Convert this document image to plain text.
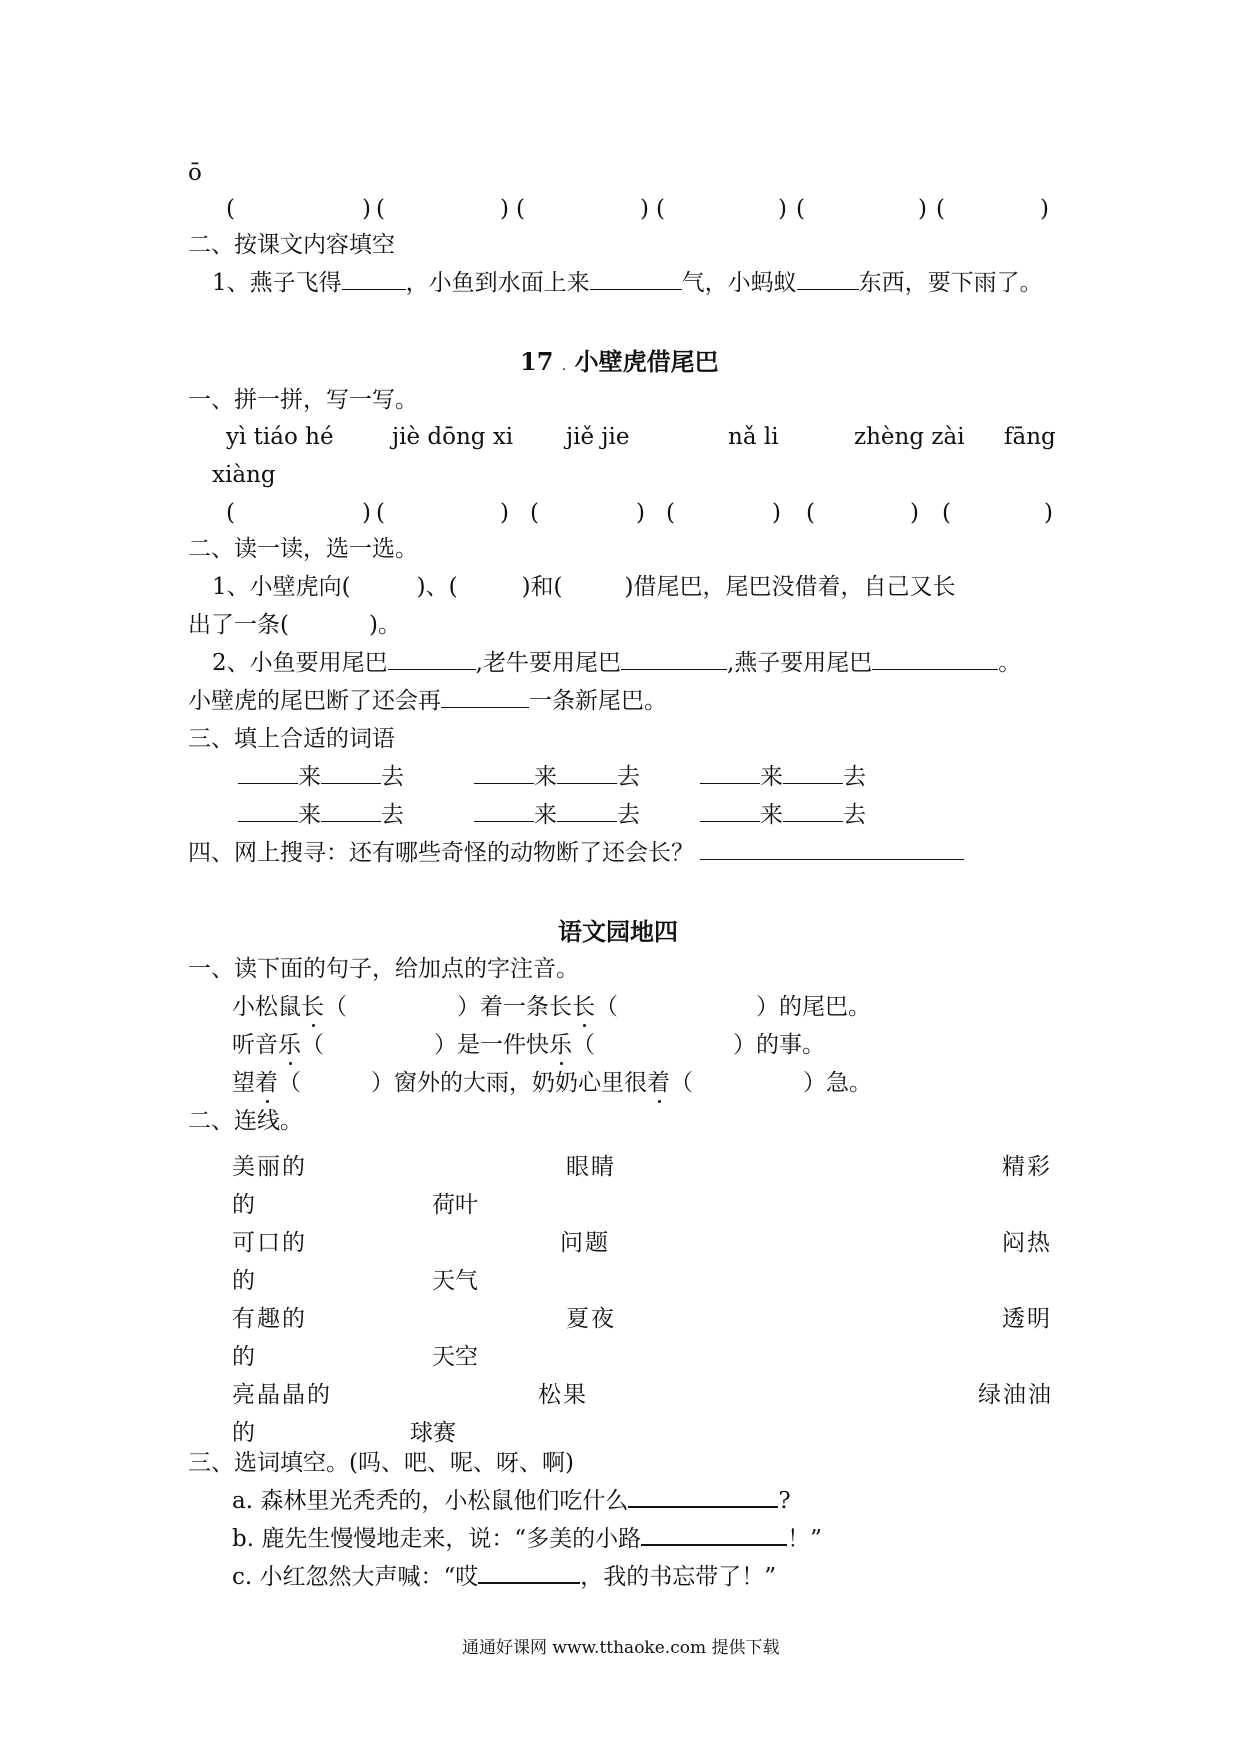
ō
(	) (	) (	) (	) (	) (	)
二、按课文内容填空
1、燕子飞得	，小鱼到水面上来	气，小蚂蚁	东西，要下雨了。
17 . 小壁虎借尾巴
一、拼一拼，写一写。
yì tiáo hé	jiè dōng xi jiě jie	nǎ li	zhèng zài fāng
xiàng
(	) (	) (	) (	) (	) (	)
二、读一读，选一选。
1、小壁虎向(	)、(	)和(	)借尾巴，尾巴没借着，自己又长
出了一条(	)。
2、小鱼要用尾巴	,老牛要用尾巴	,燕子要用尾巴	。
小壁虎的尾巴断了还会再	一条新尾巴。
三、填上合适的词语
来	去	来	去	来	去
来	去	来	去	来	去
四、网上搜寻：还有哪些奇怪的动物断了还会长？
语文园地四
一、读下面的句子，给加点的字注音。
小松鼠长（	）着一条长长（	）的尾巴。
听音乐（	）是一件快乐（	）的事。
望着（	）窗外的大雨，奶奶心里很着（	）急。
二、连线。
美丽的	眼睛	精彩
的	荷叶
可口的	问题	闷热
的	天气
有趣的	夏夜	透明
的	天空
亮晶晶的	松果	绿油油
的	球赛
三、选词填空。(吗、吧、呢、呀、啊)
a. 森林里光秃秃的，小松鼠他们吃什么	?
b. 鹿先生慢慢地走来，说：“多美的小路	！”
c. 小红忽然大声喊：“哎	，我的书忘带了！”
通通好课网 www.tthaoke.com 提供下载
